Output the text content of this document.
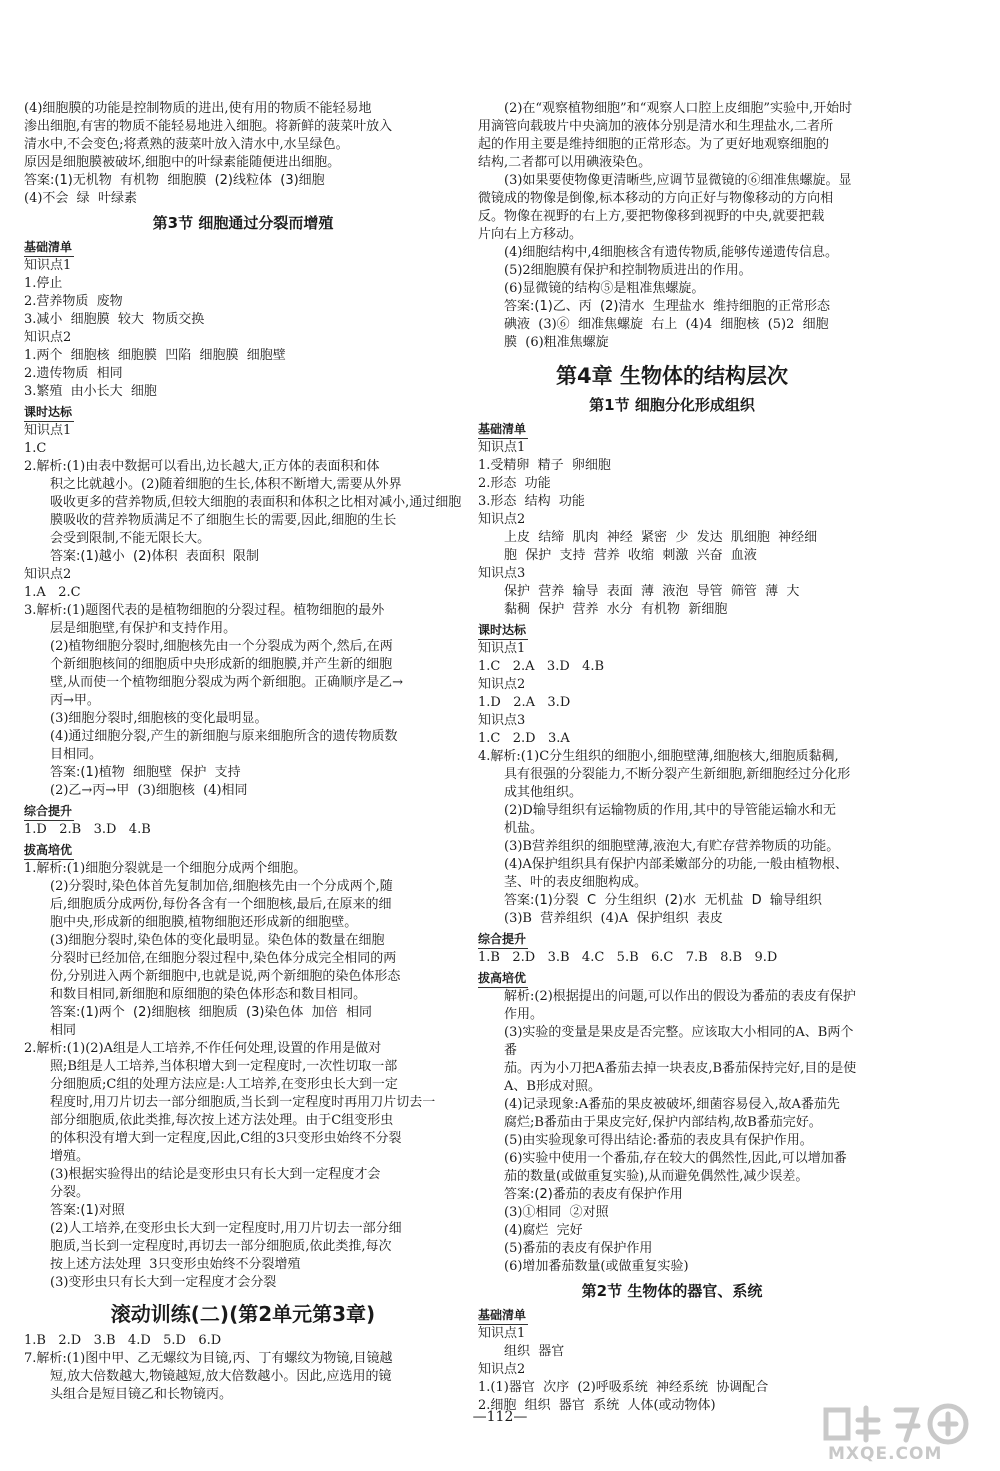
(4)细胞膜的功能是控制物质的进出,使有用的物质不能轻易地
渗出细胞,有害的物质不能轻易地进入细胞。将新鲜的菠菜叶放入
清水中,不会变色;将煮熟的菠菜叶放入清水中,水呈绿色。
原因是细胞膜被破坏,细胞中的叶绿素能随便进出细胞。
答案:(1)无机物  有机物  细胞膜  (2)线粒体  (3)细胞
(4)不会  绿  叶绿素
第3节 细胞通过分裂而增殖
基础清单
知识点1
1.停止
2.营养物质  废物
3.减小  细胞膜  较大  物质交换
知识点2
1.两个  细胞核  细胞膜  凹陷  细胞膜  细胞壁
2.遗传物质  相同
3.繁殖  由小长大  细胞
课时达标
知识点1
1.C
2.解析:(1)由表中数据可以看出,边长越大,正方体的表面积和体
积之比就越小。(2)随着细胞的生长,体积不断增大,需要从外界
吸收更多的营养物质,但较大细胞的表面积和体积之比相对减小,通过细胞
膜吸收的营养物质满足不了细胞生长的需要,因此,细胞的生长
会受到限制,不能无限长大。
答案:(1)越小  (2)体积  表面积  限制
知识点2
1.A   2.C
3.解析:(1)题图代表的是植物细胞的分裂过程。植物细胞的最外
层是细胞壁,有保护和支持作用。
(2)植物细胞分裂时,细胞核先由一个分裂成为两个,然后,在两
个新细胞核间的细胞质中央形成新的细胞膜,并产生新的细胞
壁,从而使一个植物细胞分裂成为两个新细胞。正确顺序是乙→
丙→甲。
(3)细胞分裂时,细胞核的变化最明显。
(4)通过细胞分裂,产生的新细胞与原来细胞所含的遗传物质数
目相同。
答案:(1)植物  细胞壁  保护  支持
(2)乙→丙→甲  (3)细胞核  (4)相同
综合提升
1.D   2.B   3.D   4.B
拔高培优
1.解析:(1)细胞分裂就是一个细胞分成两个细胞。
(2)分裂时,染色体首先复制加倍,细胞核先由一个分成两个,随
后,细胞质分成两份,每份各含有一个细胞核,最后,在原来的细
胞中央,形成新的细胞膜,植物细胞还形成新的细胞壁。
(3)细胞分裂时,染色体的变化最明显。染色体的数量在细胞
分裂时已经加倍,在细胞分裂过程中,染色体分成完全相同的两
份,分别进入两个新细胞中,也就是说,两个新细胞的染色体形态
和数目相同,新细胞和原细胞的染色体形态和数目相同。
答案:(1)两个  (2)细胞核  细胞质  (3)染色体  加倍  相同
相同
2.解析:(1)(2)A组是人工培养,不作任何处理,设置的作用是做对
照;B组是人工培养,当体积增大到一定程度时,一次性切取一部
分细胞质;C组的处理方法应是:人工培养,在变形虫长大到一定
程度时,用刀片切去一部分细胞质,当长到一定程度时再用刀片切去一
部分细胞质,依此类推,每次按上述方法处理。由于C组变形虫
的体积没有增大到一定程度,因此,C组的3只变形虫始终不分裂
增殖。
(3)根据实验得出的结论是变形虫只有长大到一定程度才会
分裂。
答案:(1)对照
(2)人工培养,在变形虫长大到一定程度时,用刀片切去一部分细
胞质,当长到一定程度时,再切去一部分细胞质,依此类推,每次
按上述方法处理  3只变形虫始终不分裂增殖
(3)变形虫只有长大到一定程度才会分裂
滚动训练(二)(第2单元第3章)
1.B   2.D   3.B   4.D   5.D   6.D
7.解析:(1)图中甲、乙无螺纹为目镜,丙、丁有螺纹为物镜,目镜越
短,放大倍数越大,物镜越短,放大倍数越小。因此,应选用的镜
头组合是短目镜乙和长物镜丙。
(2)在“观察植物细胞”和“观察人口腔上皮细胞”实验中,开始时
用滴管向载玻片中央滴加的液体分别是清水和生理盐水,二者所
起的作用主要是维持细胞的正常形态。为了更好地观察细胞的
结构,二者都可以用碘液染色。
(3)如果要使物像更清晰些,应调节显微镜的⑥细准焦螺旋。显
微镜成的物像是倒像,标本移动的方向正好与物像移动的方向相
反。物像在视野的右上方,要把物像移到视野的中央,就要把载
片向右上方移动。
(4)细胞结构中,4细胞核含有遗传物质,能够传递遗传信息。
(5)2细胞膜有保护和控制物质进出的作用。
(6)显微镜的结构⑤是粗准焦螺旋。
答案:(1)乙、丙  (2)清水  生理盐水  维持细胞的正常形态
碘液  (3)⑥  细准焦螺旋  右上  (4)4  细胞核  (5)2  细胞
膜  (6)粗准焦螺旋
第4章 生物体的结构层次
第1节 细胞分化形成组织
基础清单
知识点1
1.受精卵  精子  卵细胞
2.形态  功能
3.形态  结构  功能
知识点2
上皮  结缔  肌肉  神经  紧密  少  发达  肌细胞  神经细
胞  保护  支持  营养  收缩  刺激  兴奋  血液
知识点3
保护  营养  输导  表面  薄  液泡  导管  筛管  薄  大
黏稠  保护  营养  水分  有机物  新细胞
课时达标
知识点1
1.C   2.A   3.D   4.B
知识点2
1.D   2.A   3.D
知识点3
1.C   2.D   3.A
4.解析:(1)C分生组织的细胞小,细胞壁薄,细胞核大,细胞质黏稠,
具有很强的分裂能力,不断分裂产生新细胞,新细胞经过分化形
成其他组织。
(2)D输导组织有运输物质的作用,其中的导管能运输水和无
机盐。
(3)B营养组织的细胞壁薄,液泡大,有贮存营养物质的功能。
(4)A保护组织具有保护内部柔嫩部分的功能,一般由植物根、
茎、叶的表皮细胞构成。
答案:(1)分裂  C  分生组织  (2)水  无机盐  D  输导组织
(3)B  营养组织  (4)A  保护组织  表皮
综合提升
1.B   2.D   3.B   4.C   5.B   6.C   7.B   8.B   9.D
拔高培优
解析:(2)根据提出的问题,可以作出的假设为番茄的表皮有保护
作用。
(3)实验的变量是果皮是否完整。应该取大小相同的A、B两个番
茄。丙为小刀把A番茄去掉一块表皮,B番茄保持完好,目的是使
A、B形成对照。
(4)记录现象:A番茄的果皮被破坏,细菌容易侵入,故A番茄先
腐烂;B番茄由于果皮完好,保护内部结构,故B番茄完好。
(5)由实验现象可得出结论:番茄的表皮具有保护作用。
(6)实验中使用一个番茄,存在较大的偶然性,因此,可以增加番
茄的数量(或做重复实验),从而避免偶然性,减少误差。
答案:(2)番茄的表皮有保护作用
(3)①相同  ②对照
(4)腐烂  完好
(5)番茄的表皮有保护作用
(6)增加番茄数量(或做重复实验)
第2节 生物体的器官、系统
基础清单
知识点1
组织  器官
知识点2
1.(1)器官  次序  (2)呼吸系统  神经系统  协调配合
2.细胞  组织  器官  系统  人体(或动物体)
—112—
MXQE.COM
